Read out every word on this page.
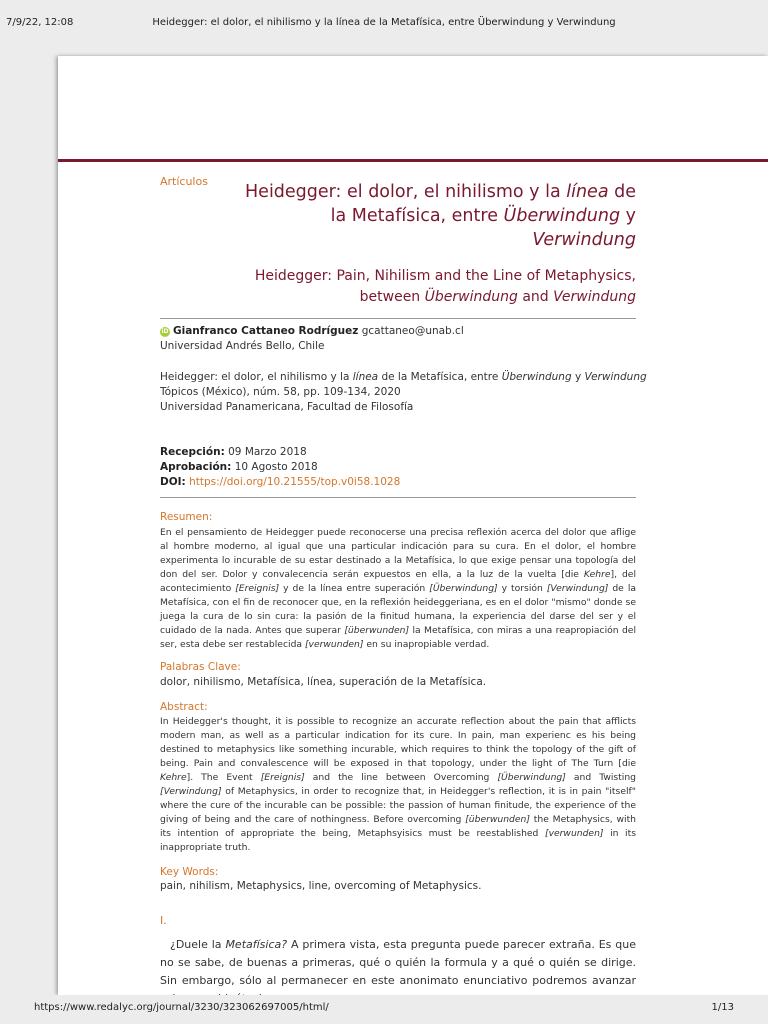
7/9/22, 12:08	Heidegger: el dolor, el nihilismo y la línea de la Metafísica, entre Überwindung y Verwindung
Artículos
Heidegger: el dolor, el nihilismo y la línea de
la Metafísica, entre Überwindung y
Verwindung
Heidegger: Pain, Nihilism and the Line of Metaphysics,
between Überwindung and Verwindung
iD Gianfranco Cattaneo Rodríguez gcattaneo@unab.cl
Universidad Andrés Bello, Chile
Heidegger: el dolor, el nihilismo y la línea de la Metafísica, entre Überwindung y Verwindung
Tópicos (México), núm. 58, pp. 109-134, 2020
Universidad Panamericana, Facultad de Filosofía
Recepción: 09 Marzo 2018
Aprobación: 10 Agosto 2018
DOI: https://doi.org/10.21555/top.v0i58.1028
Resumen:
En el pensamiento de Heidegger puede reconocerse una precisa reflexión acerca del dolor que aflige al hombre moderno, al igual que una particular indicación para su cura. En el dolor, el hombre experimenta lo incurable de su estar destinado a la Metafísica, lo que exige pensar una topología del don del ser. Dolor y convalecencia serán expuestos en ella, a la luz de la vuelta [die Kehre], del acontecimiento [Ereignis] y de la línea entre superación [Überwindung] y torsión [Verwindung] de la Metafísica, con el fin de reconocer que, en la reflexión heideggeriana, es en el dolor "mismo" donde se juega la cura de lo sin cura: la pasión de la finitud humana, la experiencia del darse del ser y el cuidado de la nada. Antes que superar [überwunden] la Metafísica, con miras a una reapropiación del ser, esta debe ser restablecida [verwunden] en su inapropiable verdad.
Palabras Clave:
dolor, nihilismo, Metafísica, línea, superación de la Metafísica.
Abstract:
In Heidegger's thought, it is possible to recognize an accurate reflection about the pain that afflicts modern man, as well as a particular indication for its cure. In pain, man experienc es his being destined to metaphysics like something incurable, which requires to think the topology of the gift of being. Pain and convalescence will be exposed in that topology, under the light of The Turn [die Kehre]. The Event [Ereignis] and the line between Overcoming [Überwindung] and Twisting [Verwindung] of Metaphysics, in order to recognize that, in Heidegger's reflection, it is in pain "itself" where the cure of the incurable can be possible: the passion of human finitude, the experience of the giving of being and the care of nothingness. Before overcoming [überwunden] the Metaphysics, with its intention of appropriate the being, Metaphsyisics must be reestablished [verwunden] in its inappropriate truth.
Key Words:
pain, nihilism, Metaphysics, line, overcoming of Metaphysics.
I.
¿Duele la Metafísica? A primera vista, esta pregunta puede parecer extraña. Es que no se sabe, de buenas a primeras, qué o quién la formula y a qué o quién se dirige. Sin embargo, sólo al permanecer en este anonimato enunciativo podremos avanzar
https://www.redalyc.org/journal/3230/323062697005/html/	1/13
